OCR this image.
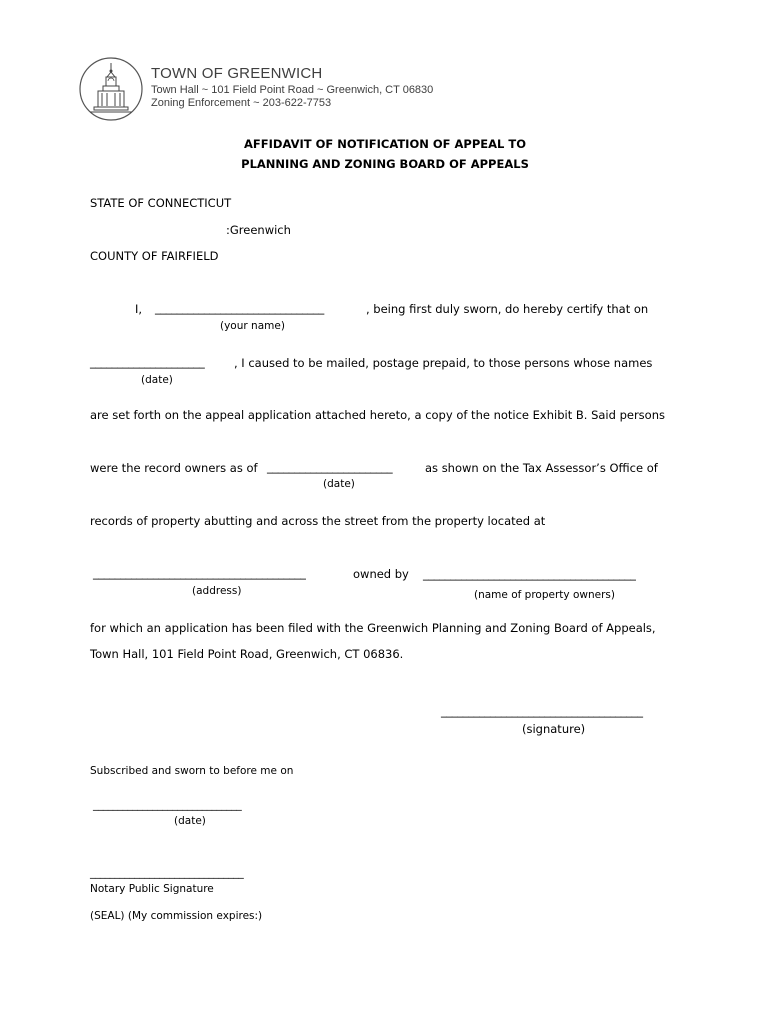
TOWN OF GREENWICH
Town Hall ~ 101 Field Point Road ~ Greenwich, CT 06830
Zoning Enforcement ~ 203-622-7753
AFFIDAVIT OF NOTIFICATION OF APPEAL TO
PLANNING AND ZONING BOARD OF APPEALS
STATE OF CONNECTICUT
:Greenwich
COUNTY OF FAIRFIELD
I, _______________________________	, being first duly sworn, do hereby certify that on
(your name)
_____________________	, I caused to be mailed, postage prepaid, to those persons whose names
(date)
are set forth on the appeal application attached hereto, a copy of the notice Exhibit B. Said persons
were the record owners as of _______________________	as shown on the Tax Assessor’s Office of
(date)
records of property abutting and across the street from the property located at
_______________________________________	owned by _______________________________________
(address)	(name of property owners)
for which an application has been filed with the Greenwich Planning and Zoning Board of Appeals,
Town Hall, 101 Field Point Road, Greenwich, CT 06836.
_____________________________________
(signature)
Subscribed and sworn to before me on
______________________________
(date)
_______________________________
Notary Public Signature
(SEAL) (My commission expires:)
